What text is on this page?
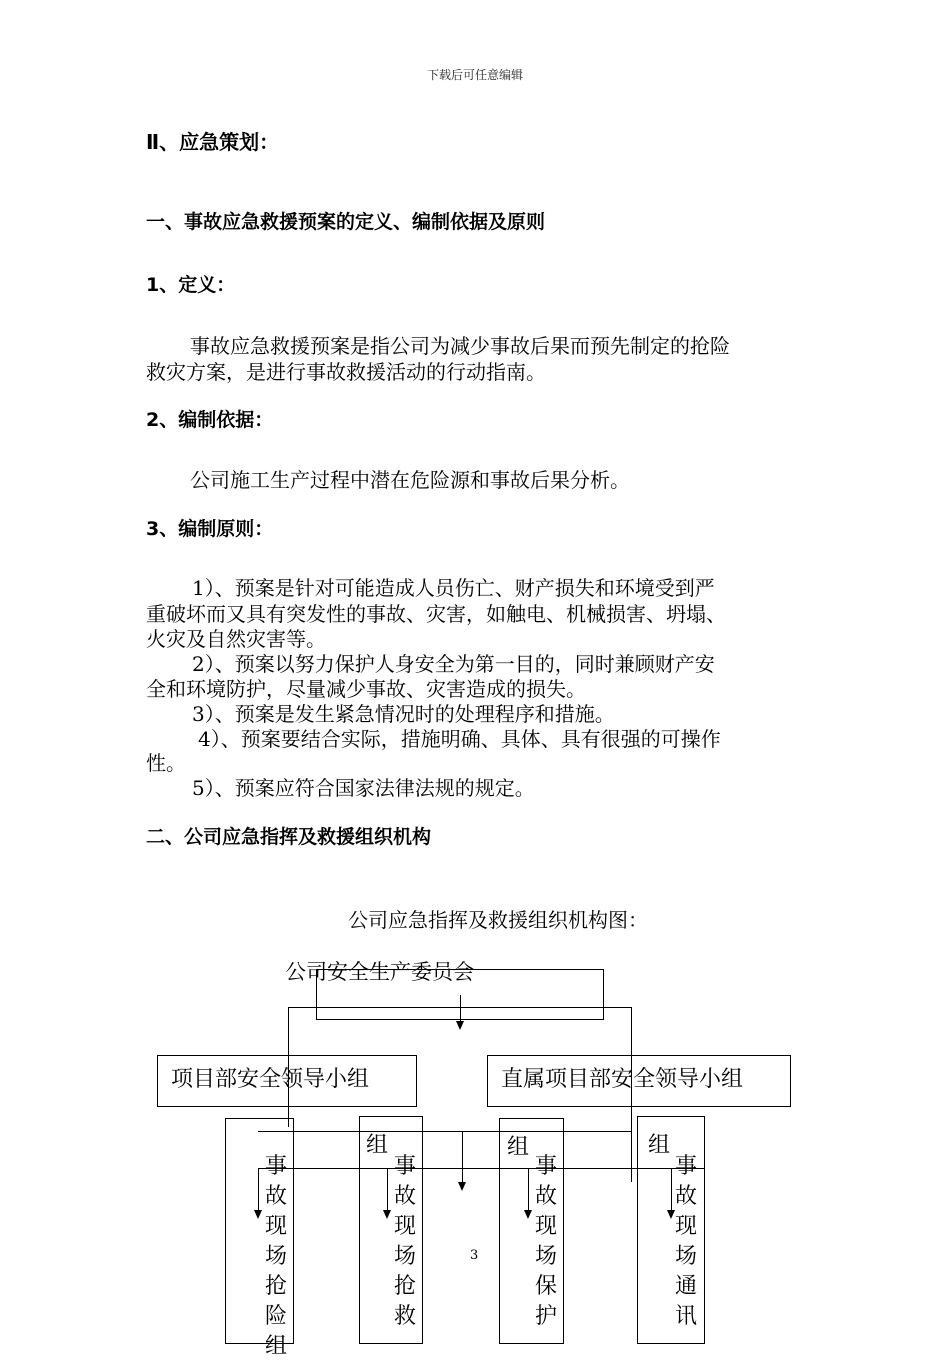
下载后可任意编辑
Ⅱ、应急策划：
一、事故应急救援预案的定义、编制依据及原则
1、定义：
事故应急救援预案是指公司为减少事故后果而预先制定的抢险
救灾方案，是进行事故救援活动的行动指南。
2、编制依据：
公司施工生产过程中潜在危险源和事故后果分析。
3、编制原则：
1）、预案是针对可能造成人员伤亡、财产损失和环境受到严
重破坏而又具有突发性的事故、灾害，如触电、机械损害、坍塌、
火灾及自然灾害等。
2）、预案以努力保护人身安全为第一目的，同时兼顾财产安
全和环境防护，尽量减少事故、灾害造成的损失。
3）、预案是发生紧急情况时的处理程序和措施。
4）、预案要结合实际，措施明确、具体、具有很强的可操作
性。
5）、预案应符合国家法律法规的规定。
二、公司应急指挥及救援组织机构
公司应急指挥及救援组织机构图：
公司安全生产委员会
项目部安全领导小组	直属项目部安全领导小组
事故现场抢险组
组
事故现场抢救
组
事故现场保护
组
事故现场通讯
3
